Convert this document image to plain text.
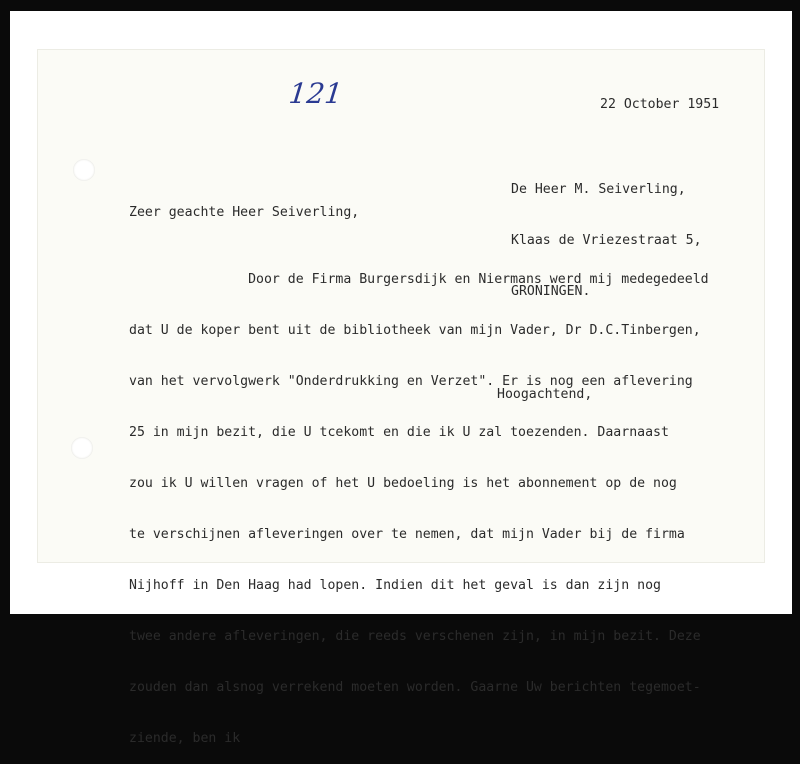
121	22 October 1951

De Heer M. Seiverling,

Klaas de Vriezestraat 5,

GRONINGEN.

Zeer geachte Heer Seiverling,

Door de Firma Burgersdijk en Niermans werd mij medegedeeld

dat U de koper bent uit de bibliotheek van mijn Vader, Dr D.C.Tinbergen,

van het vervolgwerk "Onderdrukking en Verzet". Er is nog een aflevering

25 in mijn bezit, die U tcekomt en die ik U zal toezenden. Daarnaast

zou ik U willen vragen of het U bedoeling is het abonnement op de nog

te verschijnen afleveringen over te nemen, dat mijn Vader bij de firma

Nijhoff in Den Haag had lopen. Indien dit het geval is dan zijn nog

twee andere afleveringen, die reeds verschenen zijn, in mijn bezit. Deze

zouden dan alsnog verrekend moeten worden. Gaarne Uw berichten tegemoet-

ziende, ben ik

Hoogachtend,
